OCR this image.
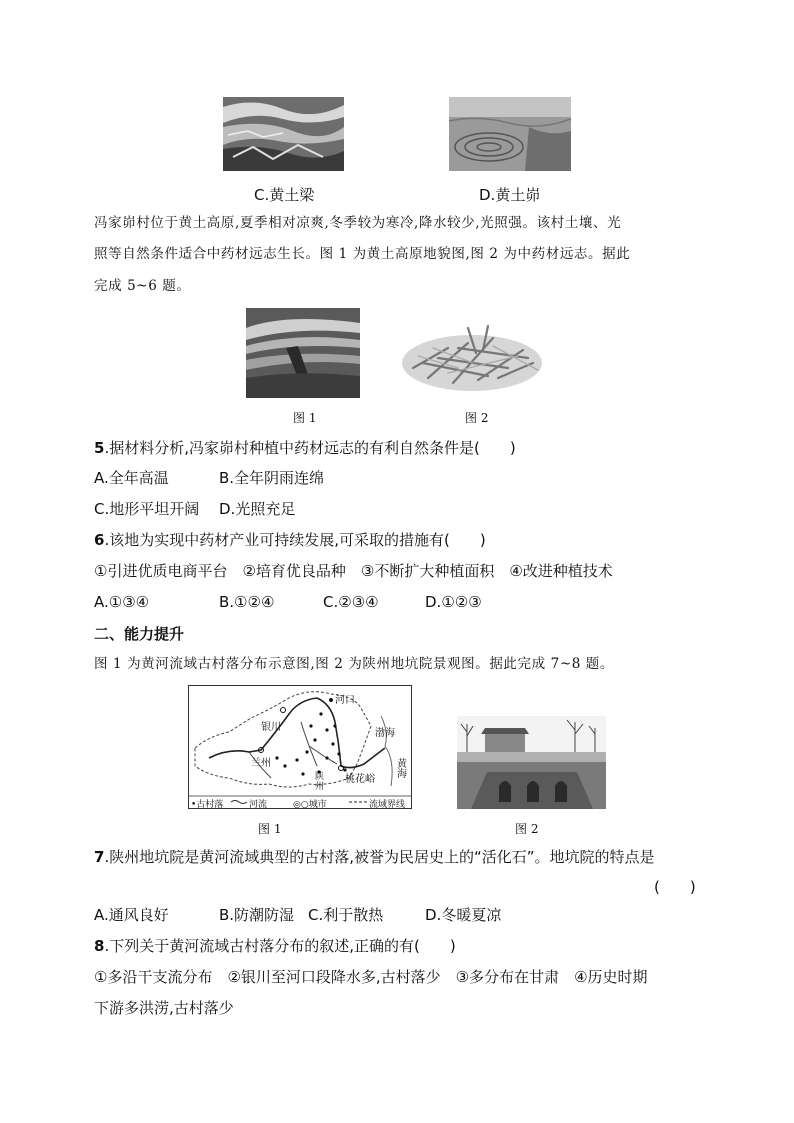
C.黄土梁	D.黄土峁
冯家峁村位于黄土高原,夏季相对凉爽,冬季较为寒冷,降水较少,光照强。该村土壤、光
照等自然条件适合中药材远志生长。图 1 为黄土高原地貌图,图 2 为中药材远志。据此
完成 5~6 题。
图 1	图 2
5.据材料分析,冯家峁村种植中药材远志的有利自然条件是(　　)
A.全年高温	B.全年阴雨连绵
C.地形平坦开阔 D.光照充足
6.该地为实现中药材产业可持续发展,可采取的措施有(　　)
①引进优质电商平台　②培育优良品种　③不断扩大种植面积　④改进种植技术
A.①③④	B.①②④	C.②③④	D.①②③
二、能力提升
图 1 为黄河流域古村落分布示意图,图 2 为陕州地坑院景观图。据此完成 7~8 题。
河口
银川
兰州
渤海
黄海
桃花峪
陕州
•古村落	河流	◎○城市	流域界线
图 1	图 2
7.陕州地坑院是黄河流域典型的古村落,被誉为民居史上的“活化石”。地坑院的特点是
(　　)
A.通风良好	B.防潮防湿 C.利于散热	D.冬暖夏凉
8.下列关于黄河流域古村落分布的叙述,正确的有(　　)
①多沿干支流分布　②银川至河口段降水多,古村落少　③多分布在甘肃　④历史时期
下游多洪涝,古村落少
